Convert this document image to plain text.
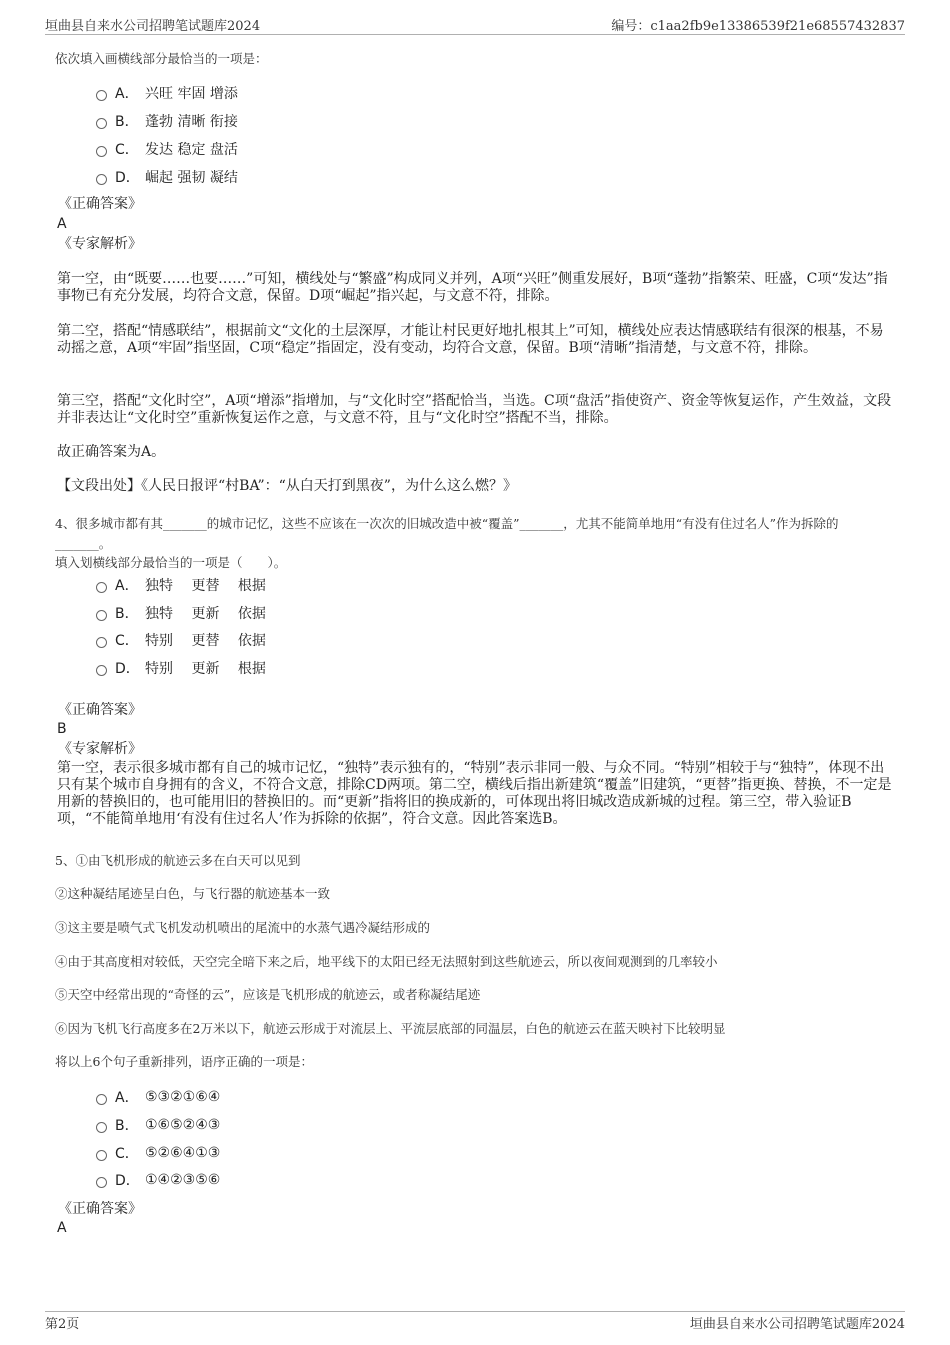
垣曲县自来水公司招聘笔试题库2024	编号：c1aa2fb9e13386539f21e68557432837
依次填入画横线部分最恰当的一项是：
A． 兴旺 牢固 增添
B． 蓬勃 清晰 衔接
C． 发达 稳定 盘活
D． 崛起 强韧 凝结
《正确答案》
A
《专家解析》
第一空，由“既要……也要……”可知，横线处与“繁盛”构成同义并列，A项“兴旺”侧重发展好，B项“蓬勃”指繁荣、旺盛，C项“发达”指事物已有充分发展，均符合文意，保留。D项“崛起”指兴起，与文意不符，排除。
第二空，搭配“情感联结”，根据前文“文化的土层深厚，才能让村民更好地扎根其上”可知，横线处应表达情感联结有很深的根基，不易动摇之意，A项“牢固”指坚固，C项“稳定”指固定，没有变动，均符合文意，保留。B项“清晰”指清楚，与文意不符，排除。
第三空，搭配“文化时空”，A项“增添”指增加，与“文化时空”搭配恰当，当选。C项“盘活”指使资产、资金等恢复运作，产生效益，文段并非表达让“文化时空”重新恢复运作之意，与文意不符，且与“文化时空”搭配不当，排除。
故正确答案为A。
【文段出处】《人民日报评“村BA”：“从白天打到黑夜”，为什么这么燃？》
4、很多城市都有其_______的城市记忆，这些不应该在一次次的旧城改造中被“覆盖”_______，尤其不能简单地用“有没有住过名人”作为拆除的
_______。
填入划横线部分最恰当的一项是（　　）。
A． 独特　 更替　 根据
B． 独特　 更新　 依据
C． 特别　 更替　 依据
D． 特别　 更新　 根据
《正确答案》
B
《专家解析》
第一空，表示很多城市都有自己的城市记忆，“独特”表示独有的，“特别”表示非同一般、与众不同。“特别”相较于与“独特”，体现不出只有某个城市自身拥有的含义，不符合文意，排除CD两项。第二空，横线后指出新建筑“覆盖”旧建筑，“更替”指更换、替换，不一定是用新的替换旧的，也可能用旧的替换旧的。而“更新”指将旧的换成新的，可体现出将旧城改造成新城的过程。第三空，带入验证B项，“不能简单地用‘有没有住过名人’作为拆除的依据”，符合文意。因此答案选B。
5、①由飞机形成的航迹云多在白天可以见到
②这种凝结尾迹呈白色，与飞行器的航迹基本一致
③这主要是喷气式飞机发动机喷出的尾流中的水蒸气遇冷凝结形成的
④由于其高度相对较低，天空完全暗下来之后，地平线下的太阳已经无法照射到这些航迹云，所以夜间观测到的几率较小
⑤天空中经常出现的“奇怪的云”，应该是飞机形成的航迹云，或者称凝结尾迹
⑥因为飞机飞行高度多在2万米以下，航迹云形成于对流层上、平流层底部的同温层，白色的航迹云在蓝天映衬下比较明显
将以上6个句子重新排列，语序正确的一项是：
A． ⑤③②①⑥④
B． ①⑥⑤②④③
C． ⑤②⑥④①③
D． ①④②③⑤⑥
《正确答案》
A
第2页	垣曲县自来水公司招聘笔试题库2024
